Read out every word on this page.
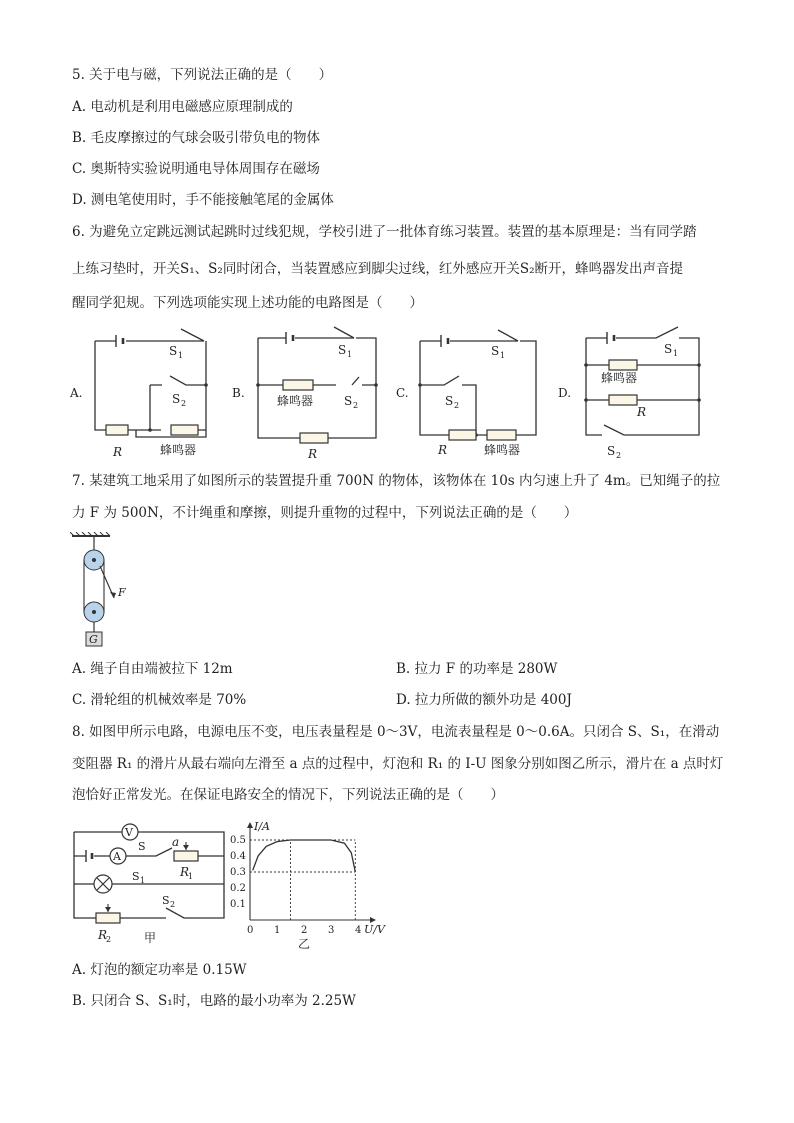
5. 关于电与磁，下列说法正确的是（　　）
A. 电动机是利用电磁感应原理制成的
B. 毛皮摩擦过的气球会吸引带负电的物体
C. 奥斯特实验说明通电导体周围存在磁场
D. 测电笔使用时，手不能接触笔尾的金属体
6. 为避免立定跳远测试起跳时过线犯规，学校引进了一批体育练习装置。装置的基本原理是：当有同学踏
上练习垫时，开关S₁、S₂同时闭合，当装置感应到脚尖过线，红外感应开关S₂断开，蜂鸣器发出声音提
醒同学犯规。下列选项能实现上述功能的电路图是（　　）
A.
S 1
S 2
R	蜂鸣器
B.
S 1
蜂鸣器	S 2
R
C.
S 1
S 2
R	蜂鸣器
D.
S 1
蜂鸣器
R
S 2
7. 某建筑工地采用了如图所示的装置提升重 700N 的物体，该物体在 10s 内匀速上升了 4m。已知绳子的拉
力 F 为 500N，不计绳重和摩擦，则提升重物的过程中，下列说法正确的是（　　）
F
G
A. 绳子自由端被拉下 12m	B. 拉力 F 的功率是 280W
C. 滑轮组的机械效率是 70%	D. 拉力所做的额外功是 400J
8. 如图甲所示电路，电源电压不变，电压表量程是 0～3V，电流表量程是 0～0.6A。只闭合 S、S₁，在滑动
变阻器 R₁ 的滑片从最右端向左滑至 a 点的过程中，灯泡和 R₁ 的 I-U 图象分别如图乙所示，滑片在 a 点时灯
泡恰好正常发光。在保证电路安全的情况下，下列说法正确的是（　　）
V
A
S a
R
1
S 1
S 2
R
2	甲
0 1 2 3 4
0.1
0.2
0.3
0.4
0.5
I/A
U/V
乙
A. 灯泡的额定功率是 0.15W
B. 只闭合 S、S₁时，电路的最小功率为 2.25W
